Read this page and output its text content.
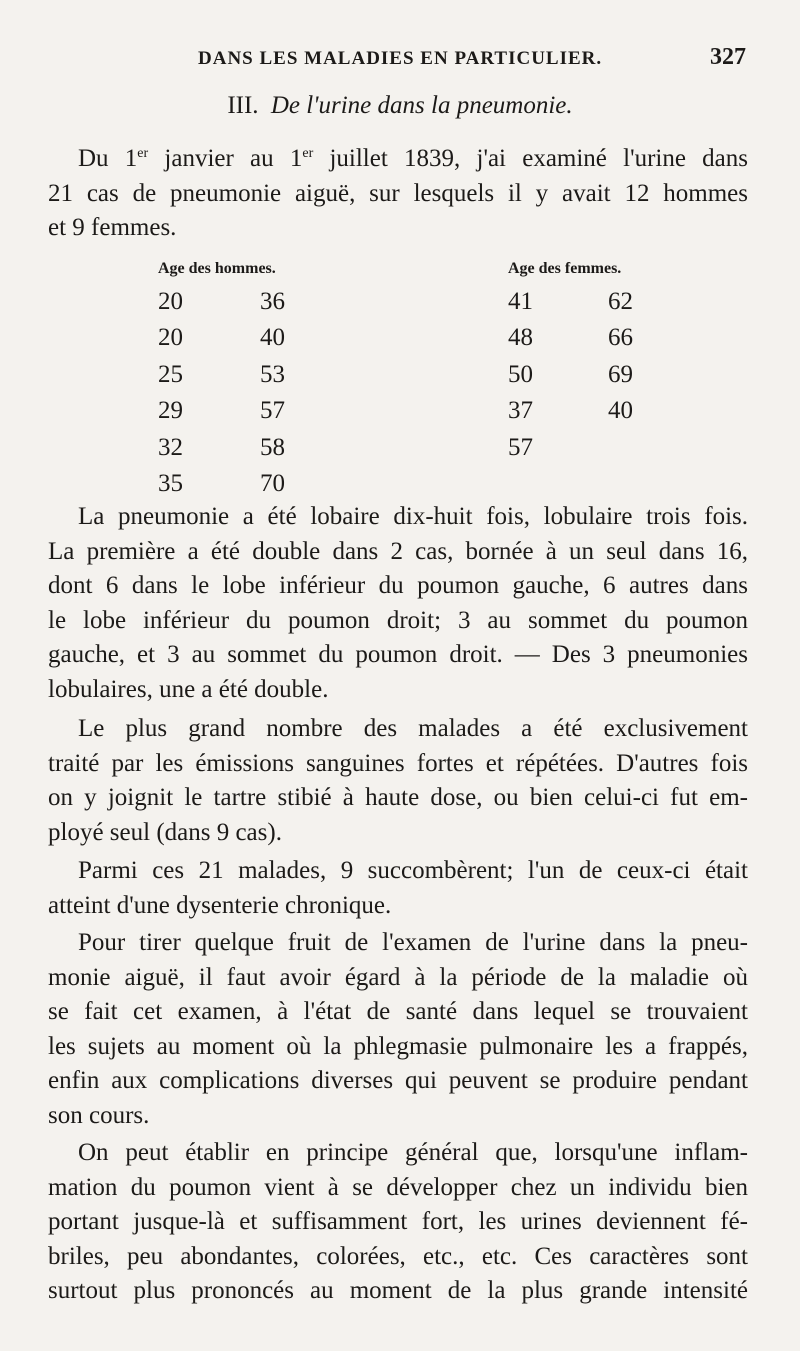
DANS LES MALADIES EN PARTICULIER.	327
III. De l'urine dans la pneumonie.
Du 1er janvier au 1er juillet 1839, j'ai examiné l'urine dans
21 cas de pneumonie aiguë, sur lesquels il y avait 12 hommes
et 9 femmes.
Age des hommes.	Age des femmes.
20
20
25
29
32
35
36
40
53
57
58
70
41
48
50
37
57
62
66
69
40
La pneumonie a été lobaire dix-huit fois, lobulaire trois fois.
La première a été double dans 2 cas, bornée à un seul dans 16,
dont 6 dans le lobe inférieur du poumon gauche, 6 autres dans
le lobe inférieur du poumon droit; 3 au sommet du poumon
gauche, et 3 au sommet du poumon droit. — Des 3 pneumonies
lobulaires, une a été double.
Le plus grand nombre des malades a été exclusivement
traité par les émissions sanguines fortes et répétées. D'autres fois
on y joignit le tartre stibié à haute dose, ou bien celui-ci fut em-
ployé seul (dans 9 cas).
Parmi ces 21 malades, 9 succombèrent; l'un de ceux-ci était
atteint d'une dysenterie chronique.
Pour tirer quelque fruit de l'examen de l'urine dans la pneu-
monie aiguë, il faut avoir égard à la période de la maladie où
se fait cet examen, à l'état de santé dans lequel se trouvaient
les sujets au moment où la phlegmasie pulmonaire les a frappés,
enfin aux complications diverses qui peuvent se produire pendant
son cours.
On peut établir en principe général que, lorsqu'une inflam-
mation du poumon vient à se développer chez un individu bien
portant jusque-là et suffisamment fort, les urines deviennent fé-
briles, peu abondantes, colorées, etc., etc. Ces caractères sont
surtout plus prononcés au moment de la plus grande intensité
